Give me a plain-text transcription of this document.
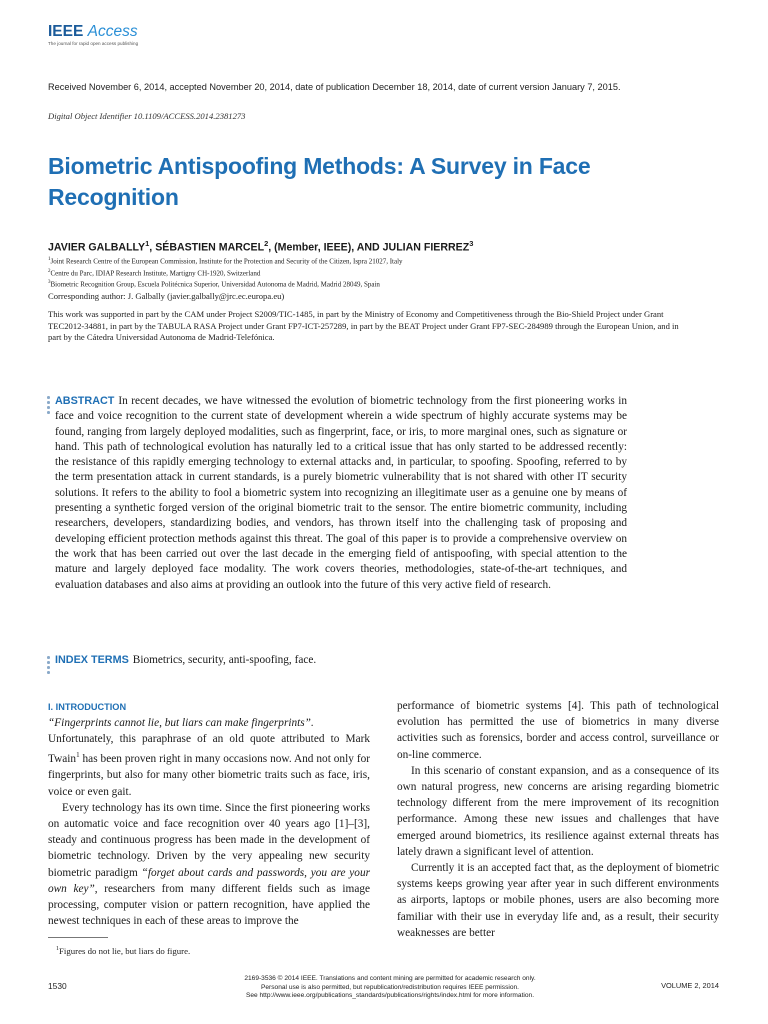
IEEE Access
The journal for rapid open access publishing
Received November 6, 2014, accepted November 20, 2014, date of publication December 18, 2014, date of current version January 7, 2015.
Digital Object Identifier 10.1109/ACCESS.2014.2381273
Biometric Antispoofing Methods: A Survey in Face Recognition
JAVIER GALBALLY$^1$, SÉBASTIEN MARCEL$^2$, (Member, IEEE), AND JULIAN FIERREZ$^3$
$^1$Joint Research Centre of the European Commission, Institute for the Protection and Security of the Citizen, Ispra 21027, Italy
$^2$Centre du Parc, IDIAP Research Institute, Martigny CH-1920, Switzerland
$^3$Biometric Recognition Group, Escuela Politécnica Superior, Universidad Autonoma de Madrid, Madrid 28049, Spain
Corresponding author: J. Galbally (javier.galbally@jrc.ec.europa.eu)
This work was supported in part by the CAM under Project S2009/TIC-1485, in part by the Ministry of Economy and Competitiveness through the Bio-Shield Project under Grant TEC2012-34881, in part by the TABULA RASA Project under Grant FP7-ICT-257289, in part by the BEAT Project under Grant FP7-SEC-284989 through the European Union, and in part by the Cátedra Universidad Autonoma de Madrid-Telefónica.
ABSTRACT In recent decades, we have witnessed the evolution of biometric technology from the first pioneering works in face and voice recognition to the current state of development wherein a wide spectrum of highly accurate systems may be found, ranging from largely deployed modalities, such as fingerprint, face, or iris, to more marginal ones, such as signature or hand. This path of technological evolution has naturally led to a critical issue that has only started to be addressed recently: the resistance of this rapidly emerging technology to external attacks and, in particular, to spoofing. Spoofing, referred to by the term presentation attack in current standards, is a purely biometric vulnerability that is not shared with other IT security solutions. It refers to the ability to fool a biometric system into recognizing an illegitimate user as a genuine one by means of presenting a synthetic forged version of the original biometric trait to the sensor. The entire biometric community, including researchers, developers, standardizing bodies, and vendors, has thrown itself into the challenging task of proposing and developing efficient protection methods against this threat. The goal of this paper is to provide a comprehensive overview on the work that has been carried out over the last decade in the emerging field of antispoofing, with special attention to the mature and largely deployed face modality. The work covers theories, methodologies, state-of-the-art techniques, and evaluation databases and also aims at providing an outlook into the future of this very active field of research.
INDEX TERMS Biometrics, security, anti-spoofing, face.
I. INTRODUCTION

“Fingerprints cannot lie, but liars can make fingerprints”.

Unfortunately, this paraphrase of an old quote attributed to Mark Twain$^1$ has been proven right in many occasions now. And not only for fingerprints, but also for many other biometric traits such as face, iris, voice or even gait.

Every technology has its own time. Since the first pioneering works on automatic voice and face recognition over 40 years ago [1]–[3], steady and continuous progress has been made in the development of biometric technology. Driven by the very appealing new security biometric paradigm “forget about cards and passwords, you are your own key”, researchers from many different fields such as image processing, computer vision or pattern recognition, have applied the newest techniques in each of these areas to improve the

performance of biometric systems [4]. This path of technological evolution has permitted the use of biometrics in many diverse activities such as forensics, border and access control, surveillance or on-line commerce.

In this scenario of constant expansion, and as a consequence of its own natural progress, new concerns are arising regarding biometric technology different from the mere improvement of its recognition performance. Among these new issues and challenges that have emerged around biometrics, its resilience against external threats has lately drawn a significant level of attention.

Currently it is an accepted fact that, as the deployment of biometric systems keeps growing year after year in such different environments as airports, laptops or mobile phones, users are also becoming more familiar with their use in everyday life and, as a result, their security weaknesses are better

$^1$Figures do not lie, but liars do figure.
1530
2169-3536 © 2014 IEEE. Translations and content mining are permitted for academic research only.
Personal use is also permitted, but republication/redistribution requires IEEE permission.
See http://www.ieee.org/publications_standards/publications/rights/index.html for more information.
VOLUME 2, 2014
